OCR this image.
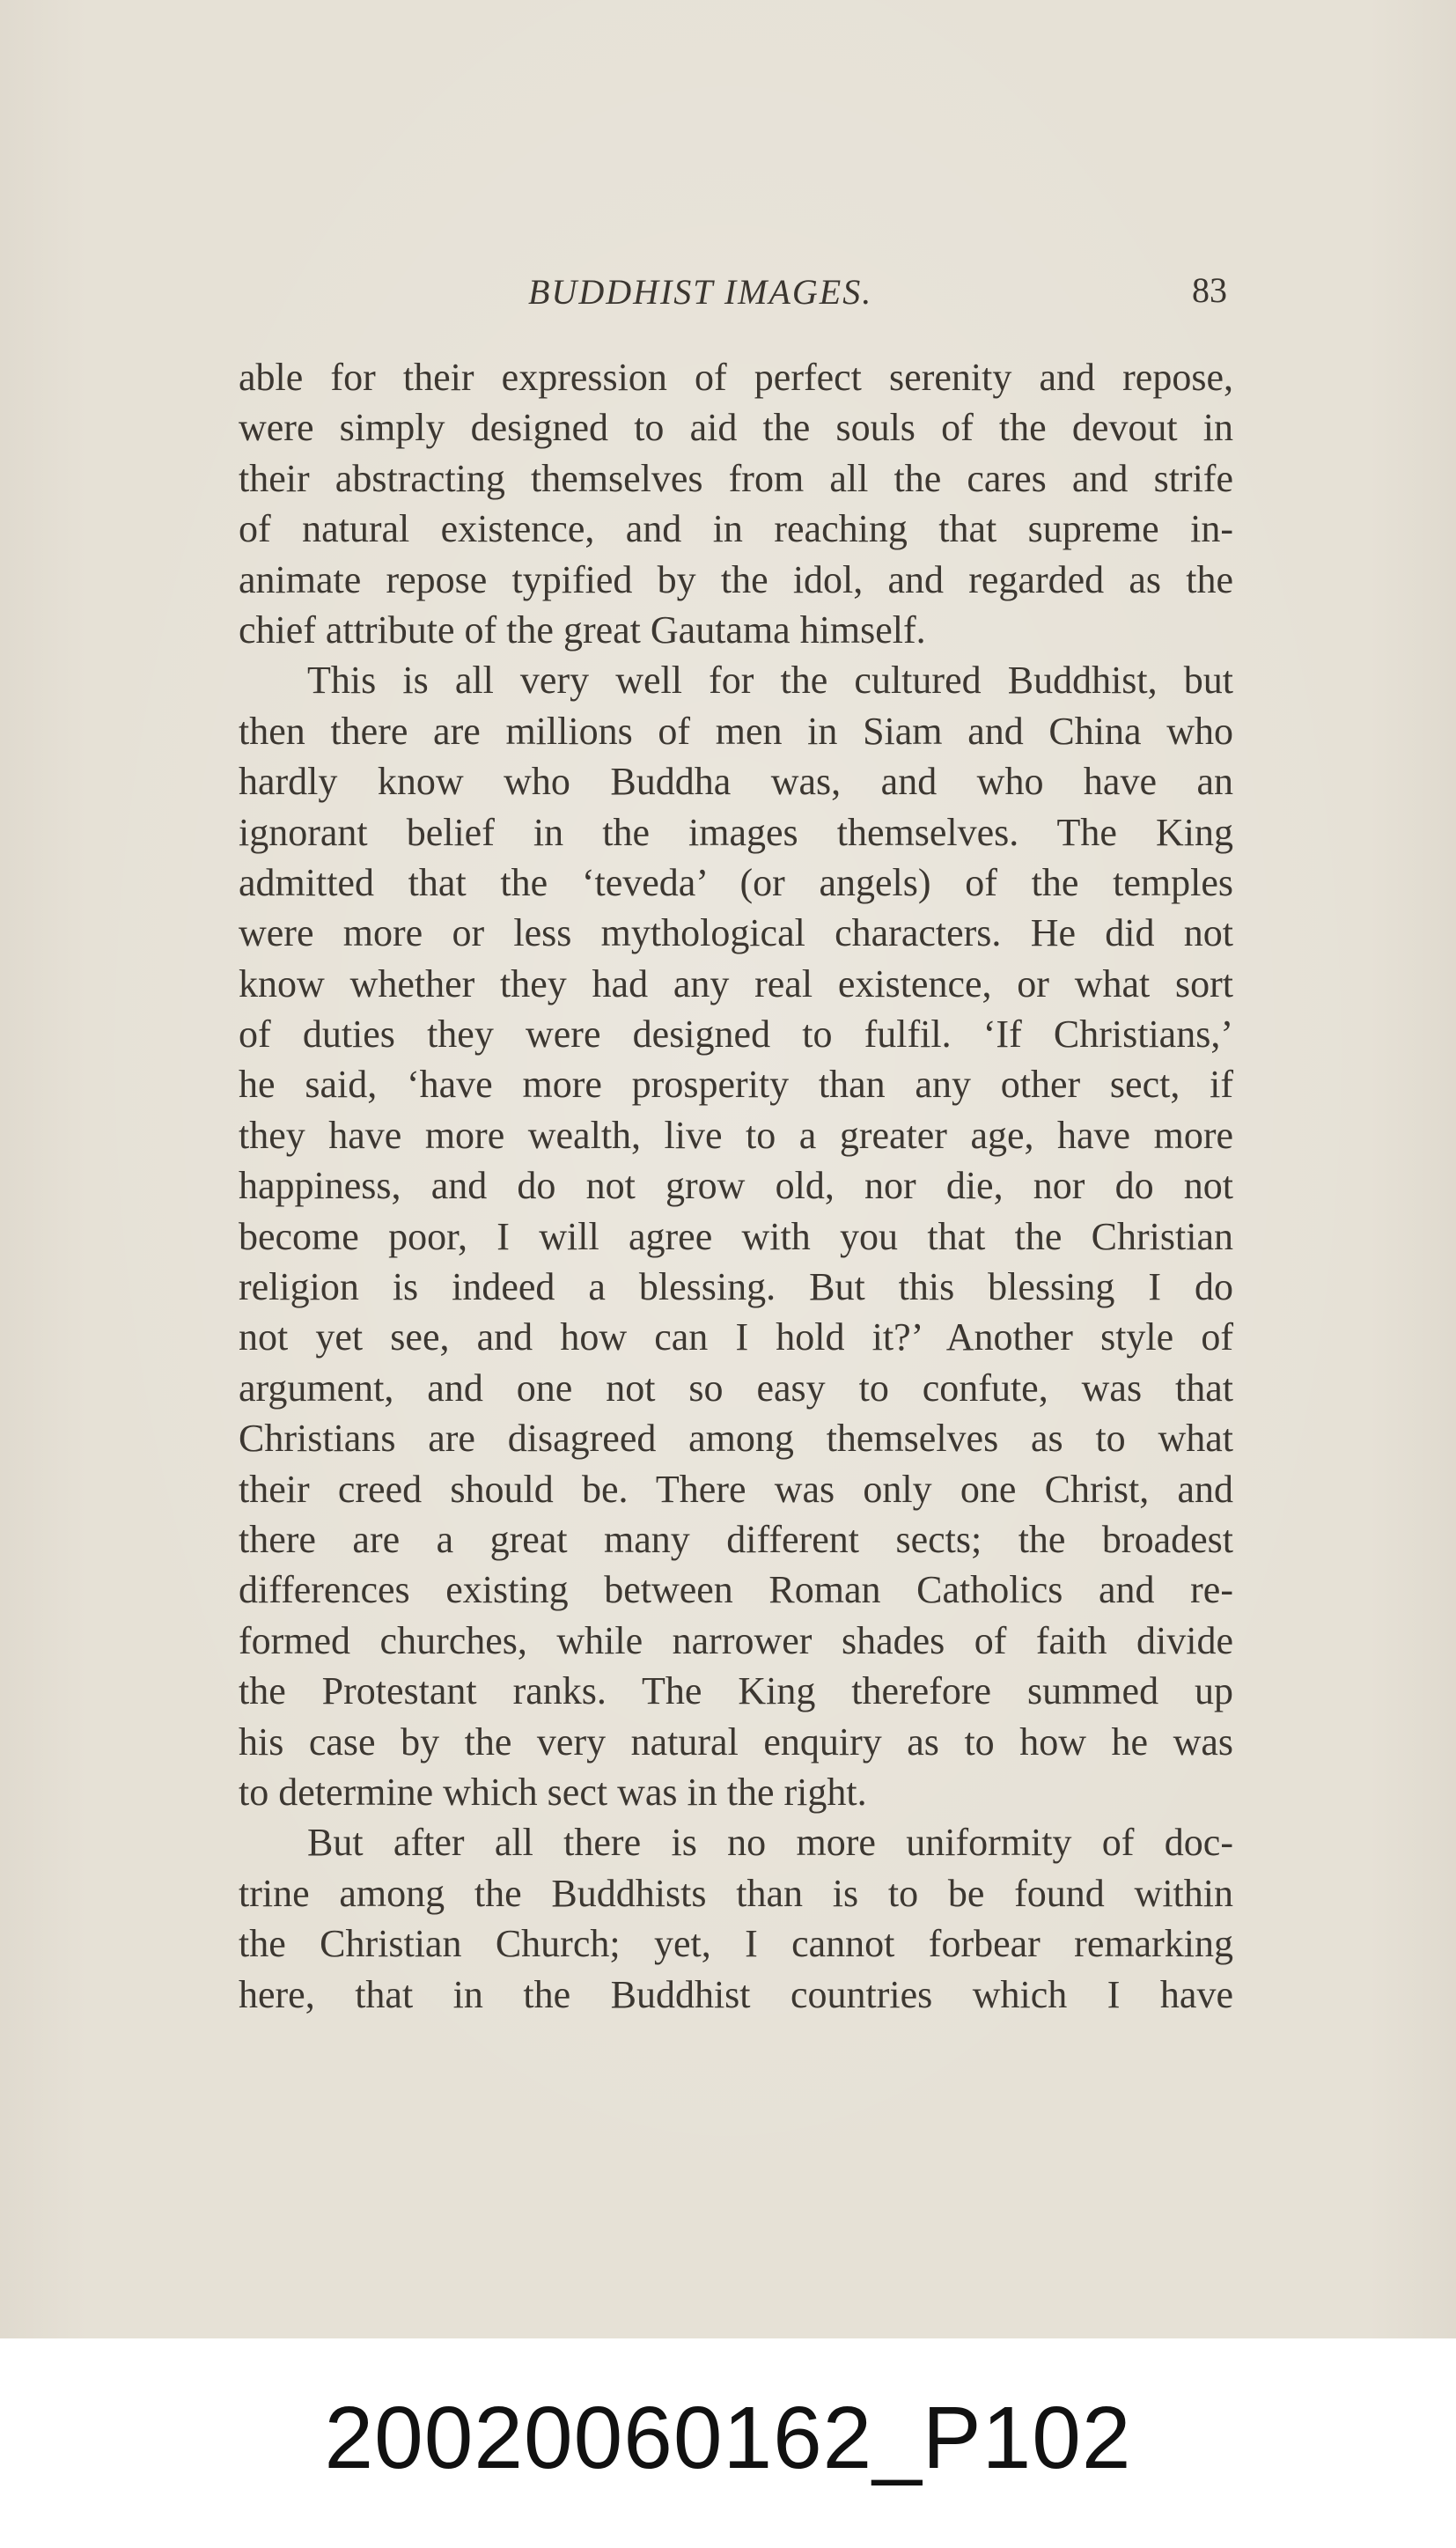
BUDDHIST IMAGES.	83
able for their expression of perfect serenity and repose,
were simply designed to aid the souls of the devout in
their abstracting themselves from all the cares and strife
of natural existence, and in reaching that supreme in-
animate repose typified by the idol, and regarded as the
chief attribute of the great Gautama himself.
This is all very well for the cultured Buddhist, but
then there are millions of men in Siam and China who
hardly know who Buddha was, and who have an
ignorant belief in the images themselves. The King
admitted that the ‘teveda’ (or angels) of the temples
were more or less mythological characters. He did not
know whether they had any real existence, or what sort
of duties they were designed to fulfil. ‘If Christians,’
he said, ‘have more prosperity than any other sect, if
they have more wealth, live to a greater age, have more
happiness, and do not grow old, nor die, nor do not
become poor, I will agree with you that the Christian
religion is indeed a blessing. But this blessing I do
not yet see, and how can I hold it?’ Another style of
argument, and one not so easy to confute, was that
Christians are disagreed among themselves as to what
their creed should be. There was only one Christ, and
there are a great many different sects; the broadest
differences existing between Roman Catholics and re-
formed churches, while narrower shades of faith divide
the Protestant ranks. The King therefore summed up
his case by the very natural enquiry as to how he was
to determine which sect was in the right.
But after all there is no more uniformity of doc-
trine among the Buddhists than is to be found within
the Christian Church; yet, I cannot forbear remarking
here, that in the Buddhist countries which I have
20020060162_P102
